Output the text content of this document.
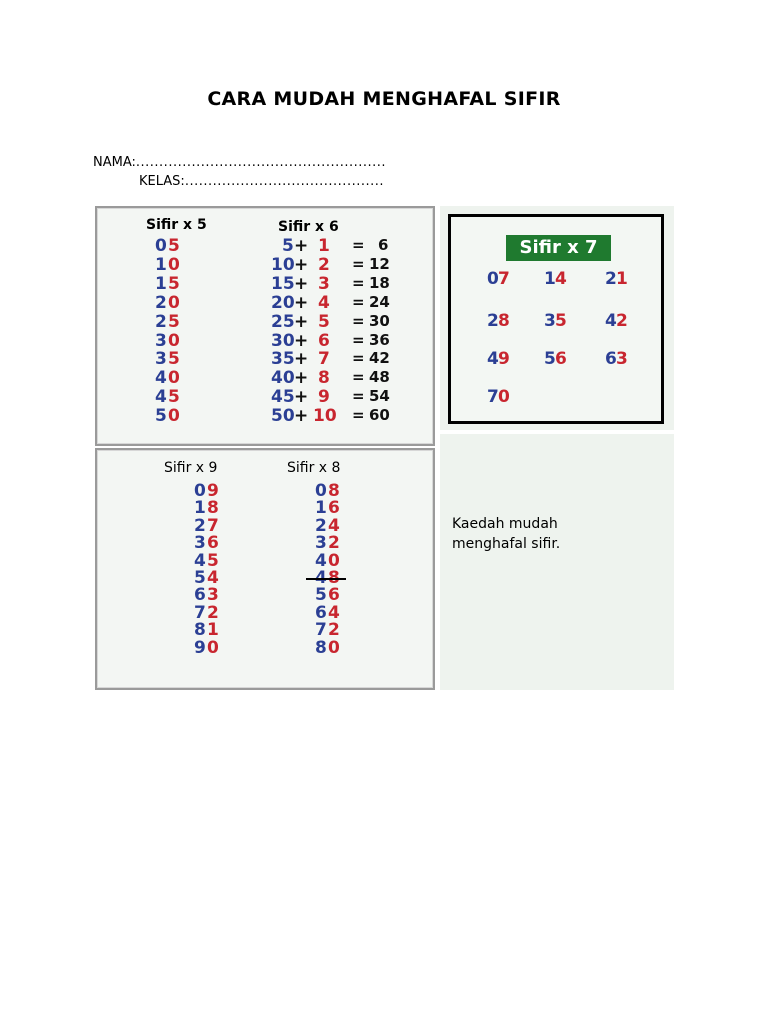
CARA MUDAH MENGHAFAL SIFIR
NAMA:......................................................
KELAS:...........................................
Sifir x 5	Sifir x 6
0 5
1 0
1 5
2 0
2 5
3 0
3 5
4 0
4 5
5 0
5 + 1 = 6
10 + 2 = 12
15 + 3 = 18
20 + 4 = 24
25 + 5 = 30
30 + 6 = 36
35 + 7 = 42
40 + 8 = 48
45 + 9 = 54
50 + 10 = 60
Sifir x 7
0 7 1 4 2 1
2 8 3 5 4 2
4 9 5 6 6 3
7 0
Sifir x 9	Sifir x 8
0 9
1 8
2 7
3 6
4 5
5 4
6 3
7 2
8 1
9 0
0 8
1 6
2 4
3 2
4 0
5 6
6 4
7 2
8 0
Kaedah mudah
menghafal sifir.
